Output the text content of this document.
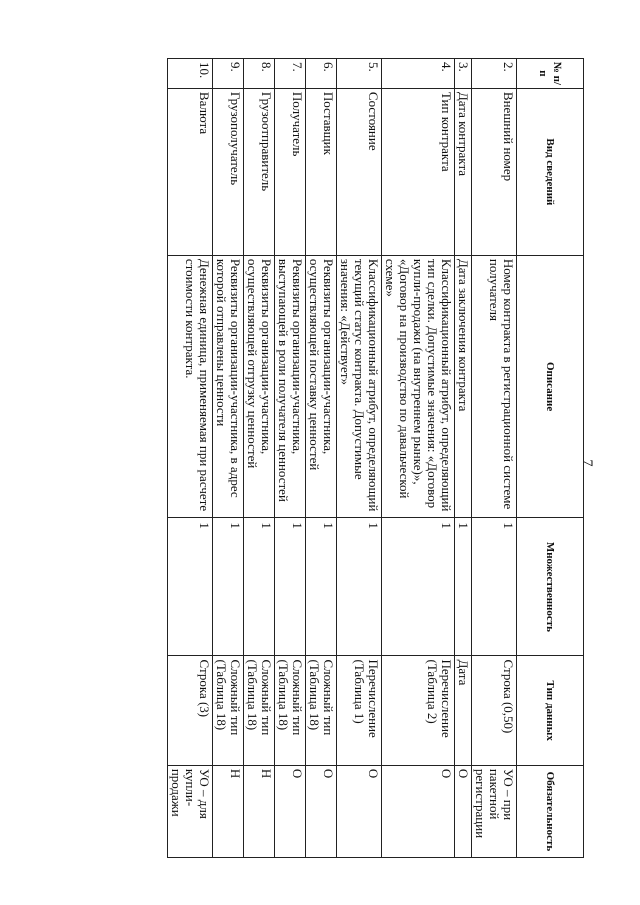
7
№ п/п	Вид сведений	Описание	Множественность	Тип данных	Обязательность
2.	Внешний номер	Номер контракта в регистрационной системе получателя	1	Строка (0,50)	УО – при пакетной регистрации
3.	Дата контракта	Дата заключения контракта	1	Дата	О
4.	Тип контракта	Классификационный атрибут, определяющий тип сделки. Допустимые значения: «Договор купли-продажи (на внутреннем рынке)», «Договор на производство по давальческой схеме»	1	Перечисление (Таблица 2)	О
5.	Состояние	Классификационный атрибут, определяющий текущий статус контракта. Допустимые значения: «Действует»	1	Перечисление (Таблица 1)	О
6.	Поставщик	Реквизиты организации-участника, осуществляющей поставку ценностей	1	Сложный тип (Таблица 18)	О
7.	Получатель	Реквизиты организации-участника, выступающей в роли получателя ценностей	1	Сложный тип (Таблица 18)	О
8.	Грузоотправитель	Реквизиты организации-участника, осуществляющей отгрузку ценностей	1	Сложный тип (Таблица 18)	Н
9.	Грузополучатель	Реквизиты организации-участника, в адрес которой отправлены ценности	1	Сложный тип (Таблица 18)	Н
10.	Валюта	Денежная единица, применяемая при расчете стоимости контракта.	1	Строка (3)	УО – для купли-продажи
